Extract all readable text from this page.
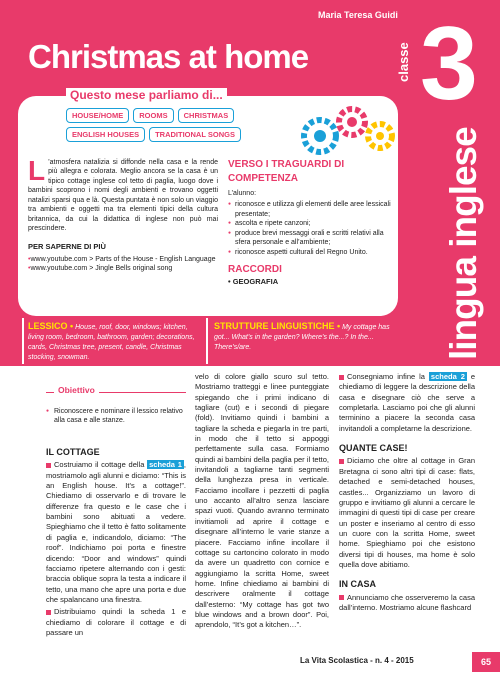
Maria Teresa Guidi
Christmas at home 3
classe
lingua inglese
Questo mese parliamo di...
HOUSE/HOME	ROOMS	CHRISTMAS
ENGLISH HOUSES	TRADITIONAL SONGS
L ’atmosfera natalizia si diffonde nella casa e la rende più allegra e colorata. Meglio ancora se la casa è un tipico cottage inglese col tetto di paglia, luogo dove i bambini scoprono i nomi degli ambienti e trovano oggetti natalizi sparsi qua e là. Questa puntata è non solo un viaggio tra ambienti e oggetti ma tra elementi tipici della cultura britannica, da cui la didattica di inglese non può mai prescindere.
PER SAPERNE DI PIÙ
• www.youtube.com > Parts of the House - English Language
• www.youtube.com > Jingle Bells original song
VERSO I TRAGUARDI DI COMPETENZA
L’alunno:
● riconosce e utilizza gli elementi delle aree lessicali presentate;
● ascolta e ripete canzoni;
● produce brevi messaggi orali e scritti relativi alla sfera personale e all’ambiente;
● riconosce aspetti culturali del Regno Unito.
RACCORDI
• GEOGRAFIA
LESSICO • House, roof, door, windows; kitchen, living room, bedroom, bathroom, garden; decorations, cards, Christmas tree, present, candle, Christmas stocking, snowman.
STRUTTURE LINGUISTICHE • My cottage has got... What’s in the garden? Where’s the...? In the... There’s/are.
Obiettivo
● Riconoscere e nominare il lessico relativo alla casa e alle stanze.
IL COTTAGE

Costruiamo il cottage della scheda 1 , mostriamolo agli alunni e diciamo: “This is an English house. It’s a cottage!”. Chiediamo di osservarlo e di trovare le differenze fra questo e le case che i bambini sono abituati a vedere. Spieghiamo che il tetto è fatto solitamente di paglia e, indicandolo, diciamo: “The roof”. Indichiamo poi porta e finestre dicendo: “Door and windows” quindi facciamo ripetere alternando con i gesti: braccia oblique sopra la testa a indicare il tetto, una mano che apre una porta e due che spalancano una finestra.

Distribuiamo quindi la scheda 1 e chiediamo di colorare il cottage e di passare un

velo di colore giallo scuro sul tetto. Mostriamo tratteggi e linee punteggiate spiegando che i primi indicano di tagliare (cut) e i secondi di piegare (fold). Invitiamo quindi i bambini a tagliare la scheda e piegarla in tre parti, in modo che il tetto si appoggi perfettamente sulla casa. Formiamo quindi ai bambini della paglia per il tetto, invitandoli a tagliarne tanti segmenti della lunghezza presa in verticale. Facciamo incollare i pezzetti di paglia uno accanto all’altro senza lasciare spazi vuoti. Quando avranno terminato invitiamoli ad aprire il cottage e disegnare all’interno le varie stanze a piacere. Facciamo infine incollare il cottage su cartoncino colorato in modo da avere un quadretto con cornice e aggiungiamo la scritta Home, sweet home. Infine chiediamo ai bambini di descrivere oralmente il cottage dall’esterno: “My cottage has got two blue windows and a brown door”. Poi, aprendolo, “It’s got a kitchen…”.

Consegniamo infine la scheda 2 e chiediamo di leggere la descrizione della casa e disegnare ciò che serve a completarla. Lasciamo poi che gli alunni terminino a piacere la seconda casa invitandoli a completarne la descrizione.

QUANTE CASE!

Diciamo che oltre al cottage in Gran Bretagna ci sono altri tipi di case: flats, detached e semi-detached houses, castles... Organizziamo un lavoro di gruppo e invitiamo gli alunni a cercare le immagini di questi tipi di case per creare un poster e inseriamo al centro di esso un cuore con la scritta Home, sweet home. Spieghiamo poi che esistono diversi tipi di houses, ma home è solo quella dove abitiamo.

IN CASA

Annunciamo che osserveremo la casa dall’interno. Mostriamo alcune flashcard

La Vita Scolastica - n. 4 - 2015	65
